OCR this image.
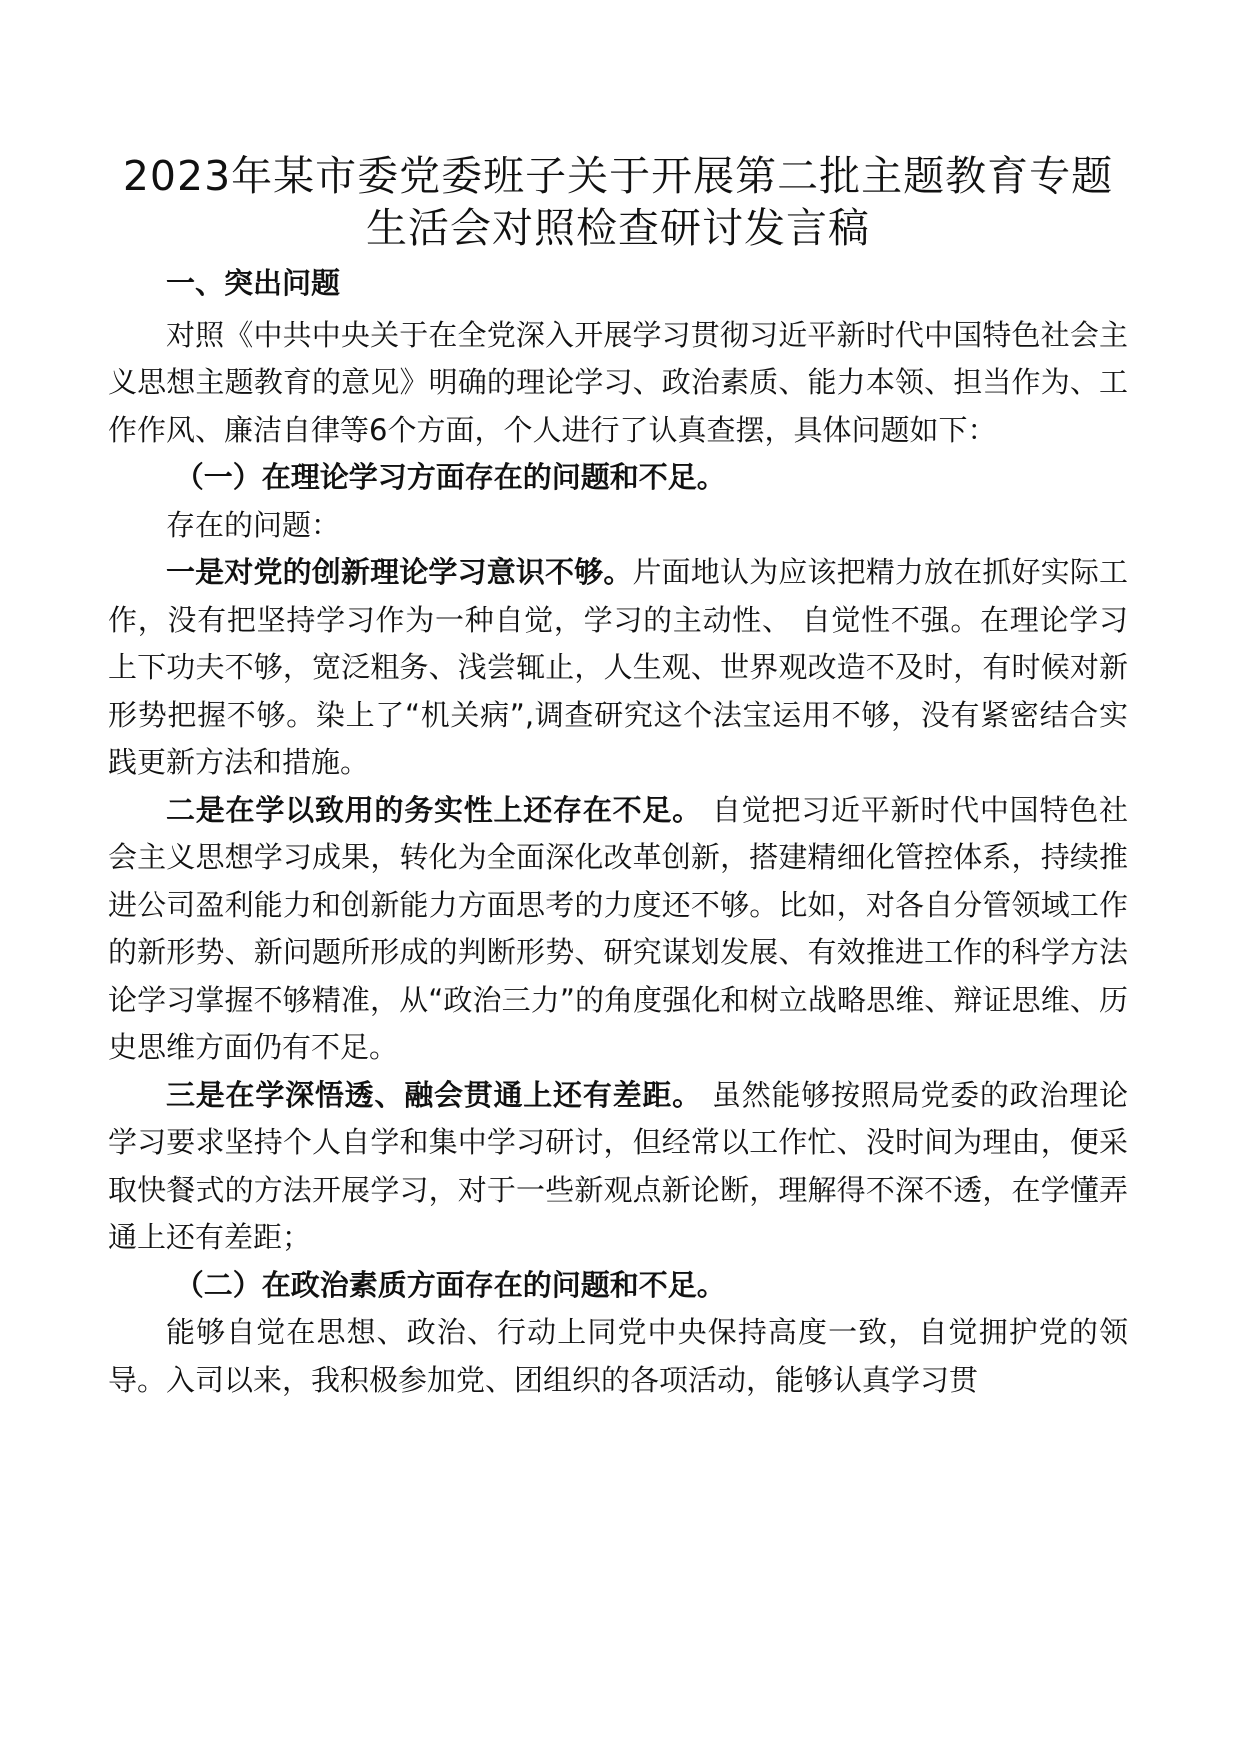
2023年某市委党委班子关于开展第二批主题教育专题
生活会对照检查研讨发言稿

一、突出问题

对照《中共中央关于在全党深入开展学习贯彻习近平新时代中国特色社会主义思想主题教育的意见》明确的理论学习、政治素质、能力本领、担当作为、工作作风、廉洁自律等6个方面，个人进行了认真查摆，具体问题如下：

（一）在理论学习方面存在的问题和不足。

存在的问题：

一是对党的创新理论学习意识不够。片面地认为应该把精力放在抓好实际工作，没有把坚持学习作为一种自觉，学习的主动性、 自觉性不强。在理论学习上下功夫不够，宽泛粗务、浅尝辄止，人生观、世界观改造不及时，有时候对新形势把握不够。染上了“机关病”,调查研究这个法宝运用不够，没有紧密结合实践更新方法和措施。

二是在学以致用的务实性上还存在不足。 自觉把习近平新时代中国特色社会主义思想学习成果，转化为全面深化改革创新，搭建精细化管控体系，持续推进公司盈利能力和创新能力方面思考的力度还不够。比如，对各自分管领域工作的新形势、新问题所形成的判断形势、研究谋划发展、有效推进工作的科学方法论学习掌握不够精准，从“政治三力”的角度强化和树立战略思维、辩证思维、历史思维方面仍有不足。

三是在学深悟透、融会贯通上还有差距。 虽然能够按照局党委的政治理论学习要求坚持个人自学和集中学习研讨，但经常以工作忙、没时间为理由，便采取快餐式的方法开展学习，对于一些新观点新论断，理解得不深不透，在学懂弄通上还有差距；

（二）在政治素质方面存在的问题和不足。

能够自觉在思想、政治、行动上同党中央保持高度一致，自觉拥护党的领导。入司以来，我积极参加党、团组织的各项活动，能够认真学习贯
